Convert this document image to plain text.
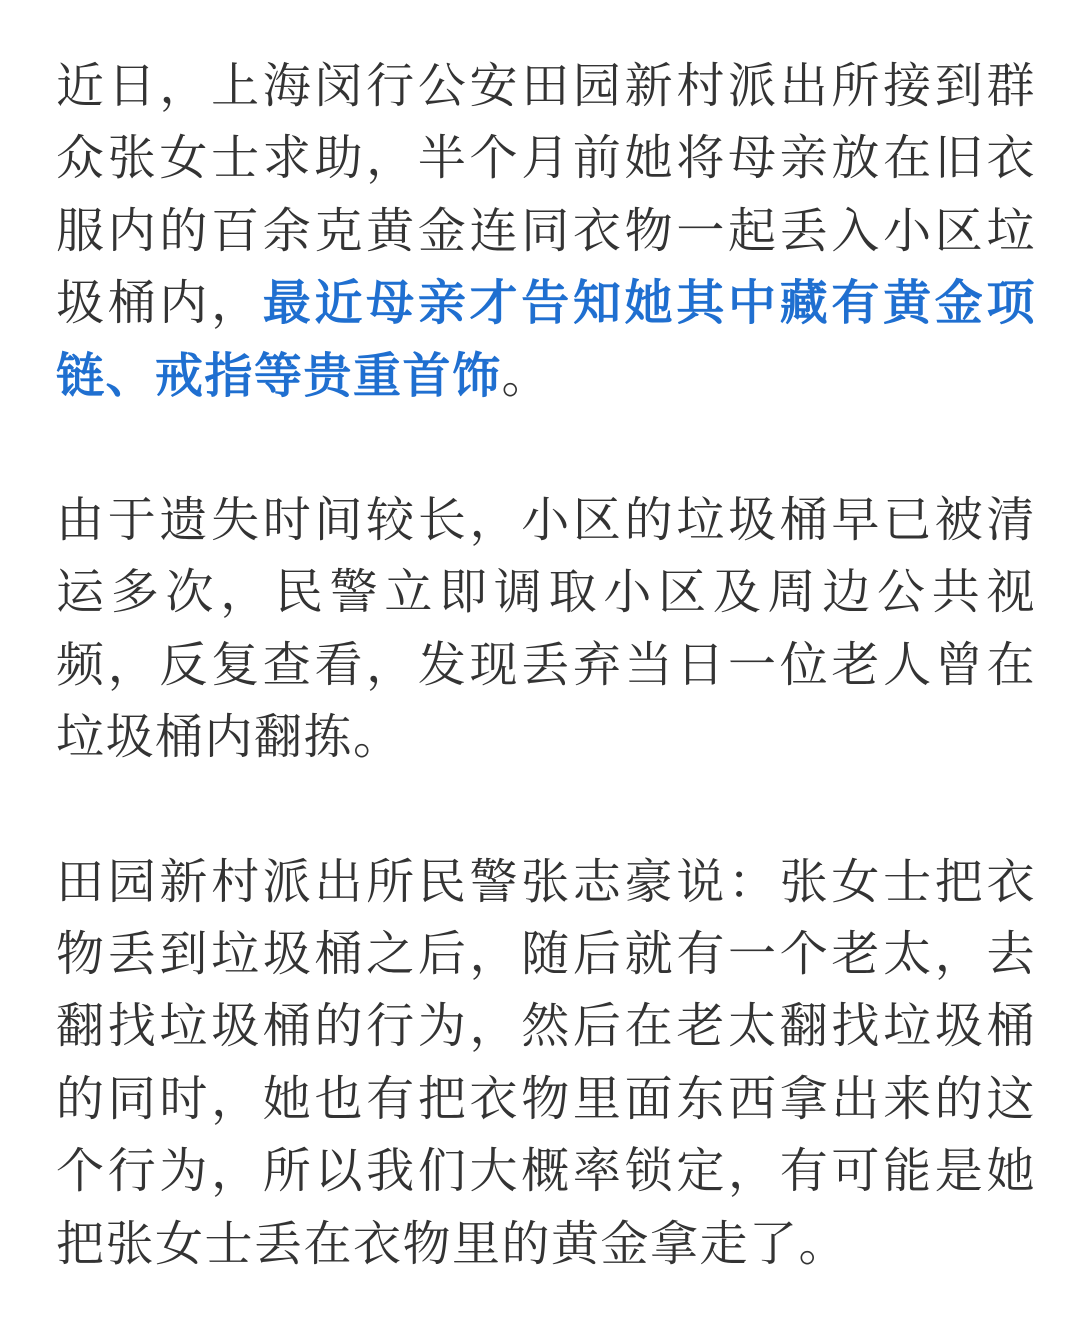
近日，上海闵行公安田园新村派出所接到群众张女士求助，半个月前她将母亲放在旧衣服内的百余克黄金连同衣物一起丢入小区垃圾桶内，最近母亲才告知她其中藏有黄金项链、戒指等贵重首饰。

由于遗失时间较长，小区的垃圾桶早已被清运多次，民警立即调取小区及周边公共视频，反复查看，发现丢弃当日一位老人曾在垃圾桶内翻拣。

田园新村派出所民警张志豪说：张女士把衣物丢到垃圾桶之后，随后就有一个老太，去翻找垃圾桶的行为，然后在老太翻找垃圾桶的同时，她也有把衣物里面东西拿出来的这个行为，所以我们大概率锁定，有可能是她把张女士丢在衣物里的黄金拿走了。
